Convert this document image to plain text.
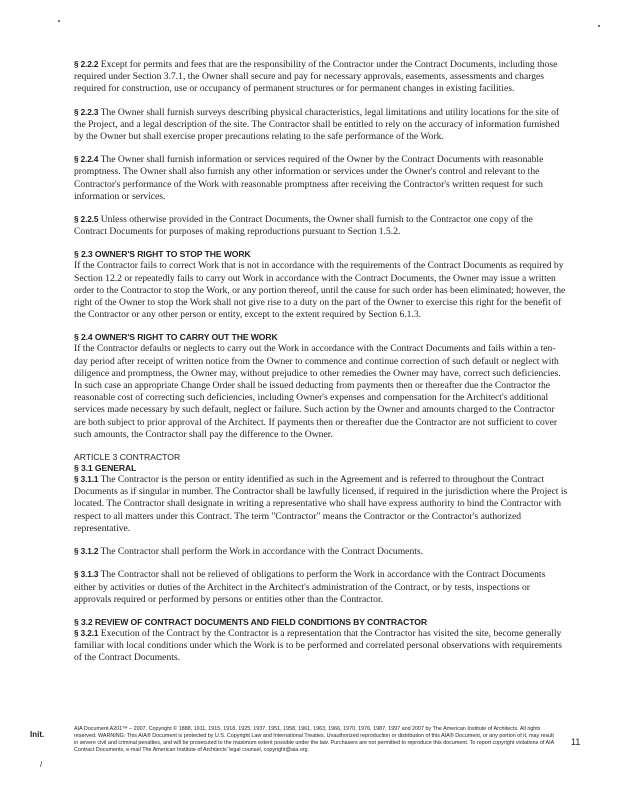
§ 2.2.2 Except for permits and fees that are the responsibility of the Contractor under the Contract Documents, including those required under Section 3.7.1, the Owner shall secure and pay for necessary approvals, easements, assessments and charges required for construction, use or occupancy of permanent structures or for permanent changes in existing facilities.

§ 2.2.3 The Owner shall furnish surveys describing physical characteristics, legal limitations and utility locations for the site of the Project, and a legal description of the site. The Contractor shall be entitled to rely on the accuracy of information furnished by the Owner but shall exercise proper precautions relating to the safe performance of the Work.

§ 2.2.4 The Owner shall furnish information or services required of the Owner by the Contract Documents with reasonable promptness. The Owner shall also furnish any other information or services under the Owner's control and relevant to the Contractor's performance of the Work with reasonable promptness after receiving the Contractor's written request for such information or services.

§ 2.2.5 Unless otherwise provided in the Contract Documents, the Owner shall furnish to the Contractor one copy of the Contract Documents for purposes of making reproductions pursuant to Section 1.5.2.

§ 2.3 OWNER'S RIGHT TO STOP THE WORK

If the Contractor fails to correct Work that is not in accordance with the requirements of the Contract Documents as required by Section 12.2 or repeatedly fails to carry out Work in accordance with the Contract Documents, the Owner may issue a written order to the Contractor to stop the Work, or any portion thereof, until the cause for such order has been eliminated; however, the right of the Owner to stop the Work shall not give rise to a duty on the part of the Owner to exercise this right for the benefit of the Contractor or any other person or entity, except to the extent required by Section 6.1.3.

§ 2.4 OWNER'S RIGHT TO CARRY OUT THE WORK

If the Contractor defaults or neglects to carry out the Work in accordance with the Contract Documents and fails within a ten-day period after receipt of written notice from the Owner to commence and continue correction of such default or neglect with diligence and promptness, the Owner may, without prejudice to other remedies the Owner may have, correct such deficiencies. In such case an appropriate Change Order shall be issued deducting from payments then or thereafter due the Contractor the reasonable cost of correcting such deficiencies, including Owner's expenses and compensation for the Architect's additional services made necessary by such default, neglect or failure. Such action by the Owner and amounts charged to the Contractor are both subject to prior approval of the Architect. If payments then or thereafter due the Contractor are not sufficient to cover such amounts, the Contractor shall pay the difference to the Owner.

ARTICLE 3 CONTRACTOR

§ 3.1 GENERAL

§ 3.1.1 The Contractor is the person or entity identified as such in the Agreement and is referred to throughout the Contract Documents as if singular in number. The Contractor shall be lawfully licensed, if required in the jurisdiction where the Project is located. The Contractor shall designate in writing a representative who shall have express authority to bind the Contractor with respect to all matters under this Contract. The term "Contractor" means the Contractor or the Contractor's authorized representative.

§ 3.1.2 The Contractor shall perform the Work in accordance with the Contract Documents.

§ 3.1.3 The Contractor shall not be relieved of obligations to perform the Work in accordance with the Contract Documents either by activities or duties of the Architect in the Architect's administration of the Contract, or by tests, inspections or approvals required or performed by persons or entities other than the Contractor.

§ 3.2 REVIEW OF CONTRACT DOCUMENTS AND FIELD CONDITIONS BY CONTRACTOR

§ 3.2.1 Execution of the Contract by the Contractor is a representation that the Contractor has visited the site, become generally familiar with local conditions under which the Work is to be performed and correlated personal observations with requirements of the Contract Documents.

Init.
/
AIA Document A201™ – 2007. Copyright © 1888, 1911, 1915, 1918, 1925, 1937, 1951, 1958, 1961, 1963, 1966, 1970, 1976, 1987, 1997 and 2007 by The American Institute of Architects. All rights reserved. WARNING: This AIA® Document is protected by U.S. Copyright Law and International Treaties. Unauthorized reproduction or distribution of this AIA® Document, or any portion of it, may result in severe civil and criminal penalties, and will be prosecuted to the maximum extent possible under the law. Purchasers are not permitted to reproduce this document. To report copyright violations of AIA Contract Documents, e-mail The American Institute of Architects' legal counsel, copyright@aia.org.
11
